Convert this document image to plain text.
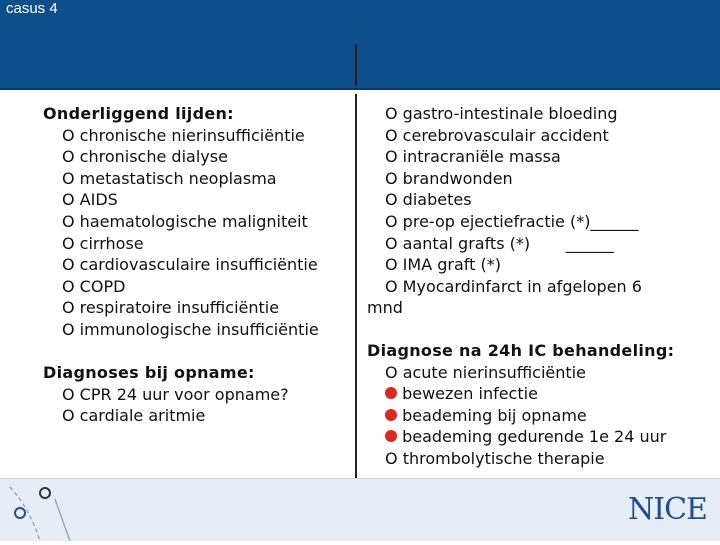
casus 4
Onderliggend lijden:
O chronische nierinsufficiëntie
O chronische dialyse
O metastatisch neoplasma
O AIDS
O haematologische maligniteit
O cirrhose
O cardiovasculaire insufficiëntie
O COPD
O respiratoire insufficiëntie
O immunologische insufficiëntie
Diagnoses bij opname:
O CPR 24 uur voor opname?
O cardiale aritmie
O gastro-intestinale bloeding
O cerebrovasculair accident
O intracraniële massa
O brandwonden
O diabetes
O pre-op ejectiefractie (*)______
O aantal grafts (*)       ______
O IMA graft (*)
O Myocardinfarct in afgelopen 6
mnd
Diagnose na 24h IC behandeling:
O acute nierinsufficiëntie
bewezen infectie
beademing bij opname
beademing gedurende 1e 24 uur
O thrombolytische therapie
NICE
